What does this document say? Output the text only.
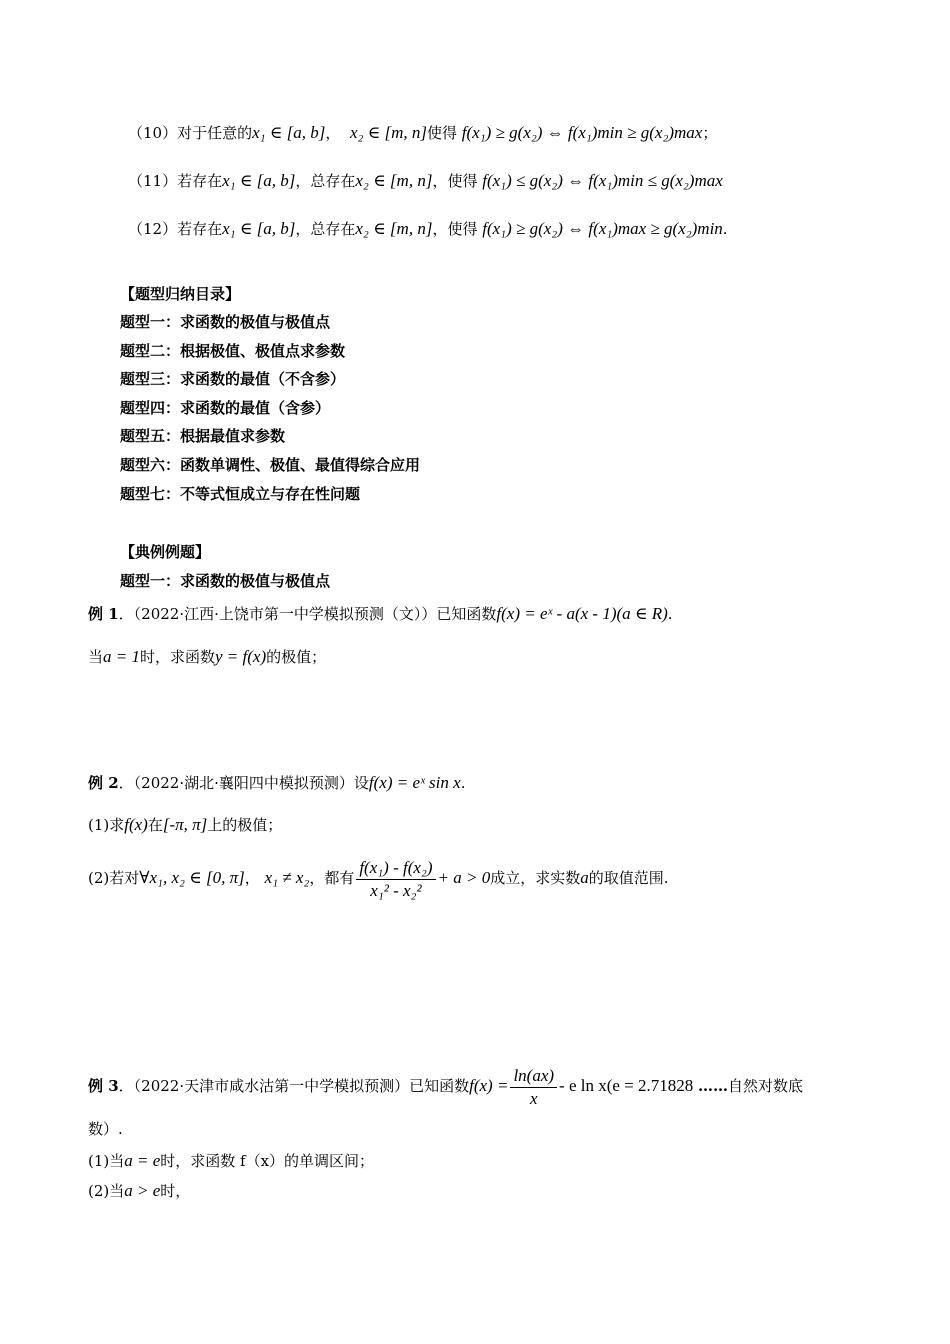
（10）对于任意的x₁ ∈ [a, b]， x₂ ∈ [m, n]使得 f(x₁) ≥ g(x₂) ⇔ f(x₁)min ≥ g(x₂)max；
（11）若存在x₁ ∈ [a, b]，总存在x₂ ∈ [m, n]，使得 f(x₁) ≤ g(x₂) ⇔ f(x₁)min ≤ g(x₂)max
（12）若存在x₁ ∈ [a, b]，总存在x₂ ∈ [m, n]，使得 f(x₁) ≥ g(x₂) ⇔ f(x₁)max ≥ g(x₂)min.
【题型归纳目录】
题型一：求函数的极值与极值点
题型二：根据极值、极值点求参数
题型三：求函数的最值（不含参）
题型四：求函数的最值（含参）
题型五：根据最值求参数
题型六：函数单调性、极值、最值得综合应用
题型七：不等式恒成立与存在性问题
【典例例题】
题型一：求函数的极值与极值点
例 1．（2022·江西·上饶市第一中学模拟预测（文））已知函数f(x) = eˣ - a(x - 1)(a ∈ R).
当a = 1时，求函数y = f(x)的极值；
例 2．（2022·湖北·襄阳四中模拟预测）设f(x) = eˣ sin x.
(1)求f(x)在[-π, π]上的极值；
(2)若对∀x₁, x₂ ∈ [0, π]， x₁ ≠ x₂，都有 $\frac{\text{f(x₁) - f(x₂)}}{\text{x₁² - x₂²}} + a > 0$成立，求实数a的取值范围.
例 3．（2022·天津市咸水沽第一中学模拟预测）已知函数$f(x) = \frac{\ln(ax)}{x} - e$ ln x(e = 2.71828 ……自然对数底
数）.
(1)当a = e时，求函数 f（x）的单调区间；
(2)当a > e时，
